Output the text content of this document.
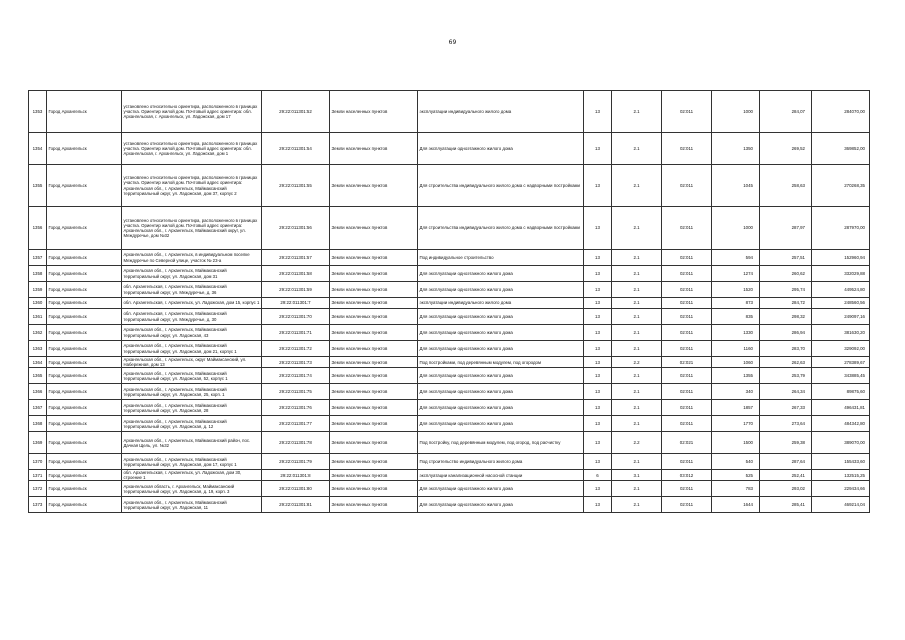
69
1353	Город Архангельск	установлено относительно ориентира, расположенного в границах участка. Ориентир жилой дом. Почтовый адрес ориентира: обл. Архангельская, г. Архангельск, ул. Ладожская, дом 17	29:22:011301:52	Земли населенных пунктов	эксплуатации индивидуального жилого дома	13	2.1	02:011	1000	284,07	284070,00
1354	Город Архангельск	установлено относительно ориентира, расположенного в границах участка. Ориентир жилой дом. Почтовый адрес ориентира: обл. Архангельская, г. Архангельск, ул. Ладожская, дом 1	29:22:011301:54	Земли населенных пунктов	Для эксплуатации одноэтажного жилого дома	13	2.1	02:011	1350	269,52	369852,00
1355	Город Архангельск	установлено относительно ориентира, расположенного в границах участка. Ориентир жилой дом. Почтовый адрес ориентира: Архангельская обл., г. Архангельск, Маймаксанский территориальный округ, ул. Ладожская, дом 37, корпус 2	29:22:011301:55	Земли населенных пунктов	Для строительства индивидуального жилого дома с надворными постройками	13	2.1	02:011	1045	258,63	270268,35
1356	Город Архангельск	установлено относительно ориентира, расположенного в границах участка. Ориентир жилой дом. Почтовый адрес ориентира: Архангельская обл., г. Архангельск, Маймаксанский округ, ул. Междуречье, дом №32	29:22:011301:56	Земли населенных пунктов	Для строительства индивидуального жилого дома с надворными постройками	13	2.1	02:011	1000	287,97	287970,00
1357	Город Архангельск	Архангельская обл., г. Архангельск, в индивидуальном поселке Междуречье по Северной улице, участок № 23-а	29:22:011301:57	Земли населенных пунктов	Под индивидуальное строительство	13	2.1	02:011	594	257,51	152960,94
1358	Город Архангельск	Архангельская обл., г. Архангельск, Маймаксанский территориальный округ, ул. Ладожская, дом 31	29:22:011301:58	Земли населенных пунктов	Для эксплуатации одноэтажного жилого дома	13	2.1	02:011	1274	260,62	332029,88
1359	Город Архангельск	обл. Архангельская, г. Архангельск, Маймаксанский территориальный округ, ул. Междуречье, д. 36	29:22:011301:59	Земли населенных пунктов	Для эксплуатации одноэтажного жилого дома	13	2.1	02:011	1520	295,74	449524,80
1360	Город Архангельск	обл. Архангельская, г. Архангельск, ул. Ладожская, дом 15, корпус 1	29:22:011301:7	Земли населенных пунктов	эксплуатации индивидуального жилого дома	13	2.1	02:011	873	284,72	248560,56
1361	Город Архангельск	обл. Архангельская, г. Архангельск, Маймаксанский территориальный округ, ул. Междуречье, д. 30	29:22:011301:70	Земли населенных пунктов	Для эксплуатации одноэтажного жилого дома	13	2.1	02:011	835	298,32	249097,16
1362	Город Архангельск	Архангельская обл., г. Архангельск, Маймаксанский территориальный округ, ул. Ладожская, 43	29:22:011301:71	Земли населенных пунктов	Для эксплуатации одноэтажного жилого дома	13	2.1	02:011	1330	286,94	381630,20
1363	Город Архангельск	Архангельская обл., г. Архангельск, Маймаксанский территориальный округ, ул. Ладожская, дом 21, корпус 1	29:22:011301:72	Земли населенных пунктов	Для эксплуатации одноэтажного жилого дома	13	2.1	02:011	1160	283,70	329092,00
1364	Город Архангельск	Архангельская обл., г. Архангельск, округ Маймаксанский, ул. Набережная, дом 13	29:22:011301:73	Земли населенных пунктов	Под постройками, под деревянным модулем, под огородом	13	2.2	02:021	1060	262,63	278389,67
1365	Город Архангельск	Архангельская обл., г. Архангельск, Маймаксанский территориальный округ, ул. Ладожская, 52, корпус 1	29:22:011301:74	Земли населенных пунктов	Для эксплуатации одноэтажного жилого дома	13	2.1	02:011	1355	253,79	343885,45
1366	Город Архангельск	Архангельская обл., г. Архангельск, Маймаксанский территориальный округ, ул. Ладожская, 25, корп. 1	29:22:011301:75	Земли населенных пунктов	Для эксплуатации одноэтажного жилого дома	13	2.1	02:011	340	264,34	89875,60
1367	Город Архангельск	Архангельская обл., г. Архангельск, Маймаксанский территориальный округ, ул. Ладожская, 28	29:22:011301:76	Земли населенных пунктов	Для эксплуатации одноэтажного жилого дома	13	2.1	02:011	1857	267,33	496431,81
1368	Город Архангельск	Архангельская обл., г. Архангельск, Маймаксанский территориальный округ, ул. Ладожская, д. 12	29:22:011301:77	Земли населенных пунктов	Для эксплуатации одноэтажного жилого дома	13	2.1	02:011	1770	273,64	484342,80
1369	Город Архангельск	Архангельская обл., г. Архангельск, Маймаксанский район, пос. Дачная Щель, ул. №32	29:22:011301:78	Земли населенных пунктов	Под постройку, под деревянным модулем, под огород, под расчистку	13	2.2	02:021	1500	259,38	389070,00
1370	Город Архангельск	Архангельская обл., г. Архангельск, Маймаксанский территориальный округ, ул. Ладожская, дом 17, корпус 1	29:22:011301:79	Земли населенных пунктов	Под строительство индивидуального жилого дома	13	2.1	02:011	540	287,64	155433,60
1371	Город Архангельск	обл. Архангельская, г. Архангельск, ул. Ладожская, дом 30, строение 1	29:22:011301:8	Земли населенных пунктов	эксплуатации канализационной насосной станции	6	3.1	03:012	525	252,41	132515,25
1372	Город Архангельск	Архангельская область, г. Архангельск, Маймаксанский территориальный округ, ул. Ладожская, д. 19, корп. 3	29:22:011301:80	Земли населенных пунктов	Для эксплуатации одноэтажного жилого дома	13	2.1	02:011	783	293,02	229434,66
1373	Город Архангельск	Архангельская обл., г. Архангельск, Маймаксанский территориальный округ, ул. Ладожская, 11	29:22:011301:81	Земли населенных пунктов	Для эксплуатации одноэтажного жилого дома	13	2.1	02:011	1644	285,41	469214,04
